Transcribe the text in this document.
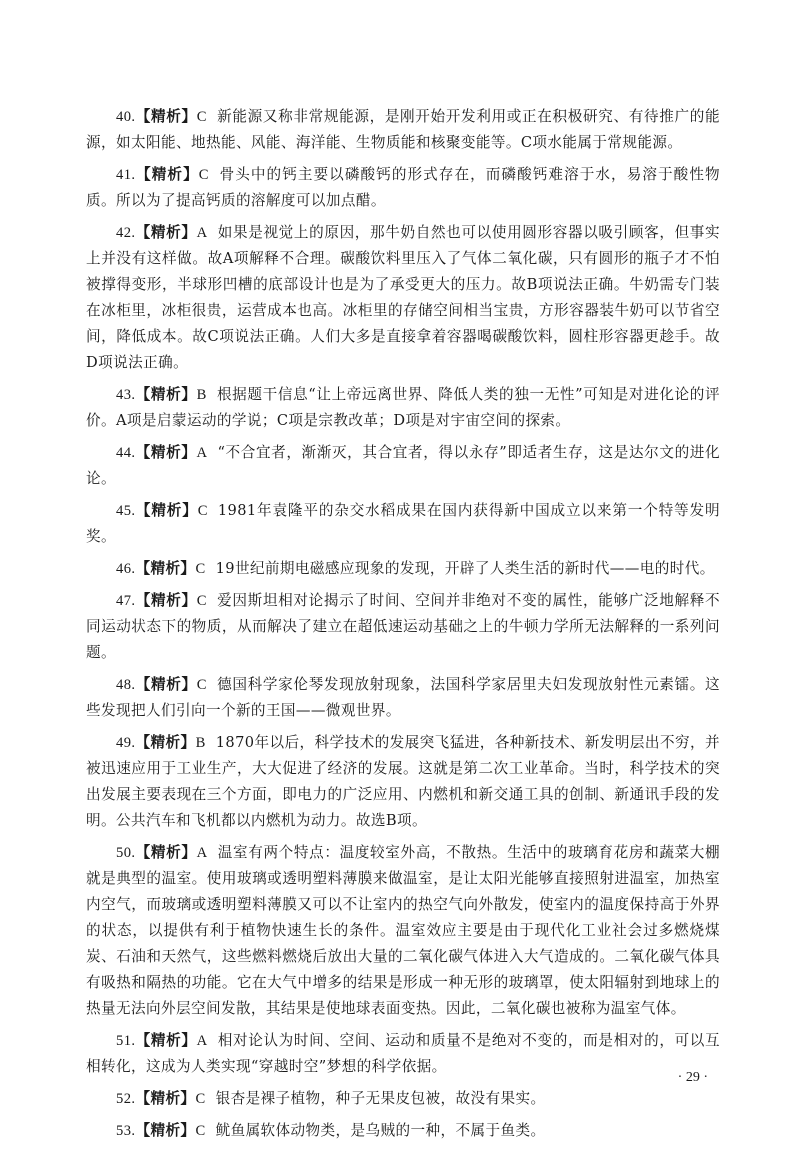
40.【精析】C 新能源又称非常规能源，是刚开始开发利用或正在积极研究、有待推广的能源，如太阳能、地热能、风能、海洋能、生物质能和核聚变能等。C项水能属于常规能源。

41.【精析】C 骨头中的钙主要以磷酸钙的形式存在，而磷酸钙难溶于水，易溶于酸性物质。所以为了提高钙质的溶解度可以加点醋。

42.【精析】A 如果是视觉上的原因，那牛奶自然也可以使用圆形容器以吸引顾客，但事实上并没有这样做。故A项解释不合理。碳酸饮料里压入了气体二氧化碳，只有圆形的瓶子才不怕被撑得变形，半球形凹槽的底部设计也是为了承受更大的压力。故B项说法正确。牛奶需专门装在冰柜里，冰柜很贵，运营成本也高。冰柜里的存储空间相当宝贵，方形容器装牛奶可以节省空间，降低成本。故C项说法正确。人们大多是直接拿着容器喝碳酸饮料，圆柱形容器更趁手。故D项说法正确。

43.【精析】B 根据题干信息“让上帝远离世界、降低人类的独一无性”可知是对进化论的评价。A项是启蒙运动的学说；C项是宗教改革；D项是对宇宙空间的探索。

44.【精析】A “不合宜者，渐渐灭，其合宜者，得以永存”即适者生存，这是达尔文的进化论。

45.【精析】C 1981年袁隆平的杂交水稻成果在国内获得新中国成立以来第一个特等发明奖。

46.【精析】C 19世纪前期电磁感应现象的发现，开辟了人类生活的新时代——电的时代。

47.【精析】C 爱因斯坦相对论揭示了时间、空间并非绝对不变的属性，能够广泛地解释不同运动状态下的物质，从而解决了建立在超低速运动基础之上的牛顿力学所无法解释的一系列问题。

48.【精析】C 德国科学家伦琴发现放射现象，法国科学家居里夫妇发现放射性元素镭。这些发现把人们引向一个新的王国——微观世界。

49.【精析】B 1870年以后，科学技术的发展突飞猛进，各种新技术、新发明层出不穷，并被迅速应用于工业生产，大大促进了经济的发展。这就是第二次工业革命。当时，科学技术的突出发展主要表现在三个方面，即电力的广泛应用、内燃机和新交通工具的创制、新通讯手段的发明。公共汽车和飞机都以内燃机为动力。故选B项。

50.【精析】A 温室有两个特点：温度较室外高，不散热。生活中的玻璃育花房和蔬菜大棚就是典型的温室。使用玻璃或透明塑料薄膜来做温室，是让太阳光能够直接照射进温室，加热室内空气，而玻璃或透明塑料薄膜又可以不让室内的热空气向外散发，使室内的温度保持高于外界的状态，以提供有利于植物快速生长的条件。温室效应主要是由于现代化工业社会过多燃烧煤炭、石油和天然气，这些燃料燃烧后放出大量的二氧化碳气体进入大气造成的。二氧化碳气体具有吸热和隔热的功能。它在大气中增多的结果是形成一种无形的玻璃罩，使太阳辐射到地球上的热量无法向外层空间发散，其结果是使地球表面变热。因此，二氧化碳也被称为温室气体。

51.【精析】A 相对论认为时间、空间、运动和质量不是绝对不变的，而是相对的，可以互相转化，这成为人类实现“穿越时空”梦想的科学依据。

52.【精析】C 银杏是裸子植物，种子无果皮包被，故没有果实。

53.【精析】C 鱿鱼属软体动物类，是乌贼的一种，不属于鱼类。

· 29 ·
